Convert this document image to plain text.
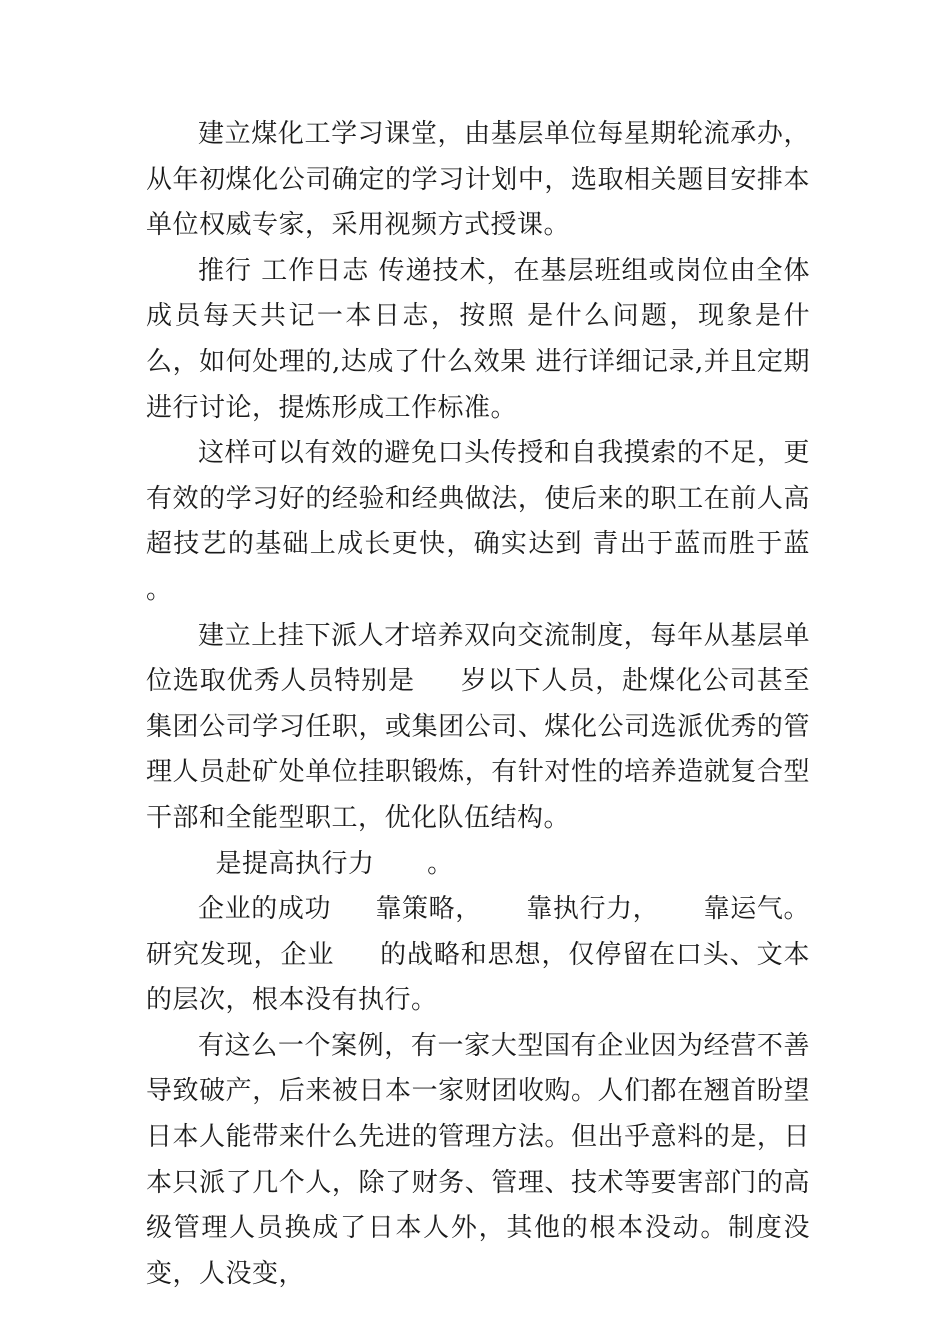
建立煤化工学习课堂，由基层单位每星期轮流承办，从年初煤化公司确定的学习计划中，选取相关题目安排本单位权威专家，采用视频方式授课。

推行 工作日志 传递技术，在基层班组或岗位由全体成员每天共记一本日志，按照 是什么问题，现象是什么，如何处理的,达成了什么效果 进行详细记录,并且定期进行讨论，提炼形成工作标准。

这样可以有效的避免口头传授和自我摸索的不足，更有效的学习好的经验和经典做法，使后来的职工在前人高超技艺的基础上成长更快，确实达到 青出于蓝而胜于蓝 。

建立上挂下派人才培养双向交流制度，每年从基层单位选取优秀人员特别是     岁以下人员，赴煤化公司甚至集团公司学习任职，或集团公司、煤化公司选派优秀的管理人员赴矿处单位挂职锻炼，有针对性的培养造就复合型干部和全能型职工，优化队伍结构。

是提高执行力      。

企业的成功     靠策略，     靠执行力，     靠运气。研究发现，企业     的战略和思想，仅停留在口头、文本的层次，根本没有执行。

有这么一个案例，有一家大型国有企业因为经营不善导致破产，后来被日本一家财团收购。人们都在翘首盼望日本人能带来什么先进的管理方法。但出乎意料的是，日本只派了几个人，除了财务、管理、技术等要害部门的高级管理人员换成了日本人外，其他的根本没动。制度没变，人没变，
